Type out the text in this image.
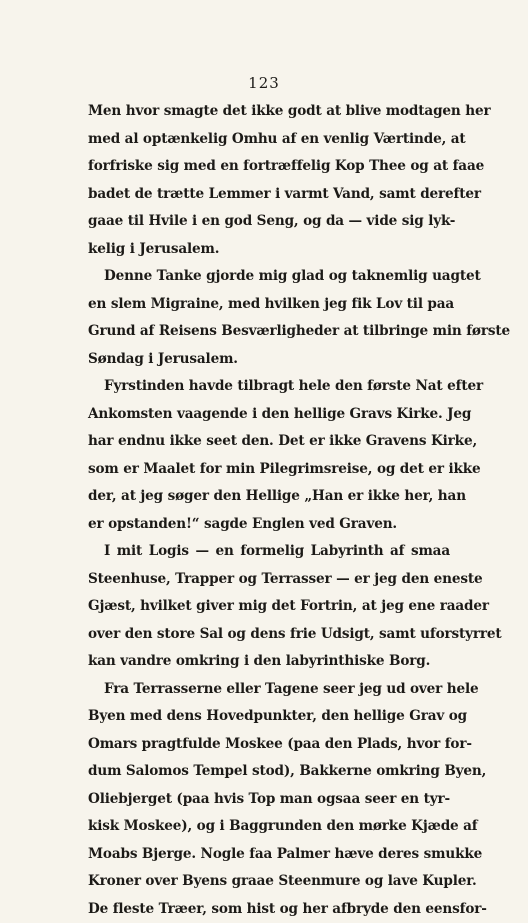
123
Men hvor smagte det ikke godt at blive modtagen her
med al optænkelig Omhu af en venlig Værtinde, at
forfriske sig med en fortræffelig Kop Thee og at faae
badet de trætte Lemmer i varmt Vand, samt derefter
gaae til Hvile i en god Seng, og da — vide sig lyk-
kelig i Jerusalem.
Denne Tanke gjorde mig glad og taknemlig uagtet
en slem Migraine, med hvilken jeg fik Lov til paa
Grund af Reisens Besværligheder at tilbringe min første
Søndag i Jerusalem.
Fyrstinden havde tilbragt hele den første Nat efter
Ankomsten vaagende i den hellige Gravs Kirke. Jeg
har endnu ikke seet den. Det er ikke Gravens Kirke,
som er Maalet for min Pilegrimsreise, og det er ikke
der, at jeg søger den Hellige „Han er ikke her, han
er opstanden!“ sagde Englen ved Graven.
I mit Logis — en formelig Labyrinth af smaa
Steenhuse, Trapper og Terrasser — er jeg den eneste
Gjæst, hvilket giver mig det Fortrin, at jeg ene raader
over den store Sal og dens frie Udsigt, samt uforstyrret
kan vandre omkring i den labyrinthiske Borg.
Fra Terrasserne eller Tagene seer jeg ud over hele
Byen med dens Hovedpunkter, den hellige Grav og
Omars pragtfulde Moskee (paa den Plads, hvor for-
dum Salomos Tempel stod), Bakkerne omkring Byen,
Oliebjerget (paa hvis Top man ogsaa seer en tyr-
kisk Moskee), og i Baggrunden den mørke Kjæde af
Moabs Bjerge. Nogle faa Palmer hæve deres smukke
Kroner over Byens graae Steenmure og lave Kupler.
De fleste Træer, som hist og her afbryde den eensfor-
